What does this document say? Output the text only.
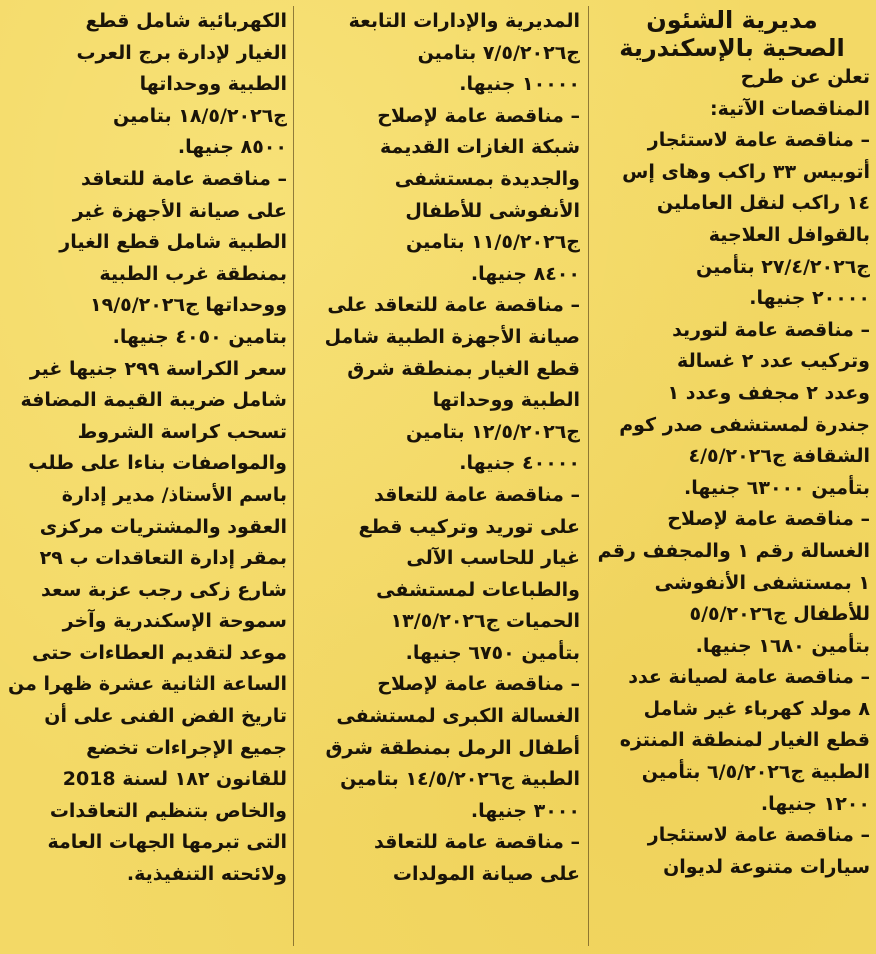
مديرية الشئون
الصحية بالإسكندرية
تعلن عن طرح
المناقصات الآتية:
– مناقصة عامة لاستئجار
أتوبيس ٣٣ راكب وهاى إس
١٤ راكب لنقل العاملين
بالقوافل العلاجية
ج٢٧/٤/٢٠٢٦ بتأمين
٢٠٠٠٠ جنيها.
– مناقصة عامة لتوريد
وتركيب عدد ٢ غسالة
وعدد ٢ مجفف وعدد ١
جندرة لمستشفى صدر كوم
الشقافة ج٤/٥/٢٠٢٦
بتأمين ٦٣٠٠٠ جنيها.
– مناقصة عامة لإصلاح
الغسالة رقم ١ والمجفف رقم
١ بمستشفى الأنفوشى
للأطفال ج٥/٥/٢٠٢٦
بتأمين ١٦٨٠ جنيها.
– مناقصة عامة لصيانة عدد
٨ مولد كهرباء غير شامل
قطع الغيار لمنطقة المنتزه
الطبية ج٦/٥/٢٠٢٦ بتأمين
١٢٠٠ جنيها.
– مناقصة عامة لاستئجار
سيارات متنوعة لديوان
المديرية والإدارات التابعة
ج٧/٥/٢٠٢٦ بتامين
١٠٠٠٠ جنيها.
– مناقصة عامة لإصلاح
شبكة الغازات القديمة
والجديدة بمستشفى
الأنفوشى للأطفال
ج١١/٥/٢٠٢٦ بتامين
٨٤٠٠ جنيها.
– مناقصة عامة للتعاقد على
صيانة الأجهزة الطبية شامل
قطع الغيار بمنطقة شرق
الطبية ووحداتها
ج١٢/٥/٢٠٢٦ بتامين
٤٠٠٠٠ جنيها.
– مناقصة عامة للتعاقد
على توريد وتركيب قطع
غيار للحاسب الآلى
والطباعات لمستشفى
الحميات ج١٣/٥/٢٠٢٦
بتأمين ٦٧٥٠ جنيها.
– مناقصة عامة لإصلاح
الغسالة الكبرى لمستشفى
أطفال الرمل بمنطقة شرق
الطبية ج١٤/٥/٢٠٢٦ بتامين
٣٠٠٠ جنيها.
– مناقصة عامة للتعاقد
على صيانة المولدات
الكهربائية شامل قطع
الغيار لإدارة برج العرب
الطبية ووحداتها
ج١٨/٥/٢٠٢٦ بتامين
٨٥٠٠ جنيها.
– مناقصة عامة للتعاقد
على صيانة الأجهزة غير
الطبية شامل قطع الغيار
بمنطقة غرب الطبية
ووحداتها ج١٩/٥/٢٠٢٦
بتامين ٤٠٥٠ جنيها.
سعر الكراسة ٢٩٩ جنيها غير
شامل ضريبة القيمة المضافة
تسحب كراسة الشروط
والمواصفات بناءا على طلب
باسم الأستاذ/ مدير إدارة
العقود والمشتريات مركزى
بمقر إدارة التعاقدات ب ٢٩
شارع زكى رجب عزبة سعد
سموحة الإسكندرية وآخر
موعد لتقديم العطاءات حتى
الساعة الثانية عشرة ظهرا من
تاريخ الفض الفنى على أن
جميع الإجراءات تخضع
للقانون ١٨٢ لسنة 2018
والخاص بتنظيم التعاقدات
التى تبرمها الجهات العامة
ولائحته التنفيذية.
